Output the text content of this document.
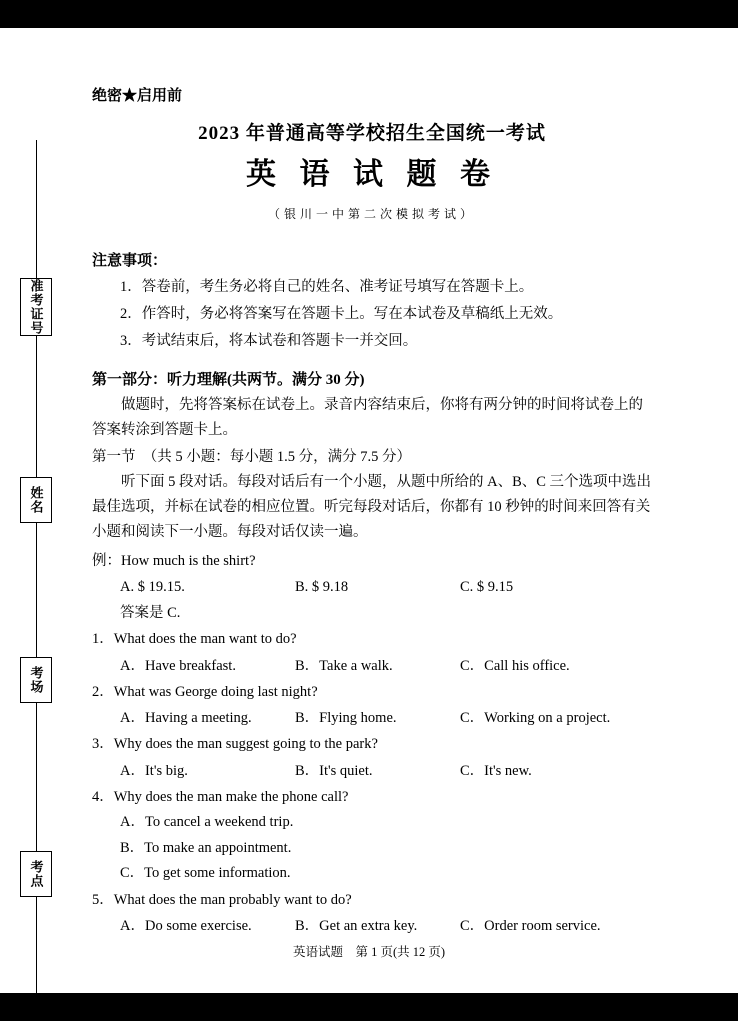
准考
证号
姓名
考场
考点
绝密★启用前
2023 年普通高等学校招生全国统一考试
英 语 试 题 卷
（银川一中第二次模拟考试）
注意事项：
1．答卷前，考生务必将自己的姓名、准考证号填写在答题卡上。
2．作答时，务必将答案写在答题卡上。写在本试卷及草稿纸上无效。
3．考试结束后，将本试卷和答题卡一并交回。
第一部分：听力理解(共两节。满分 30 分)
做题时，先将答案标在试卷上。录音内容结束后，你将有两分钟的时间将试卷上的答案转涂到答题卡上。
第一节　（共 5 小题：每小题 1.5 分，满分 7.5 分）
听下面 5 段对话。每段对话后有一个小题，从题中所给的 A、B、C 三个选项中选出最佳选项，并标在试卷的相应位置。听完每段对话后，你都有 10 秒钟的时间来回答有关小题和阅读下一小题。每段对话仅读一遍。
例：How much is the shirt?
A. $ 19.15.	B. $ 9.18	C. $ 9.15
答案是 C.
1．What does the man want to do?
A．Have breakfast.	B．Take a walk.	C．Call his office.
2．What was George doing last night?
A．Having a meeting.	B．Flying home.	C．Working on a project.
3．Why does the man suggest going to the park?
A．It's big.	B．It's quiet.	C．It's new.
4．Why does the man make the phone call?
A．To cancel a weekend trip.
B．To make an appointment.
C．To get some information.
5．What does the man probably want to do?
A．Do some exercise.	B．Get an extra key.	C．Order room service.
英语试题　第 1 页(共 12 页)
